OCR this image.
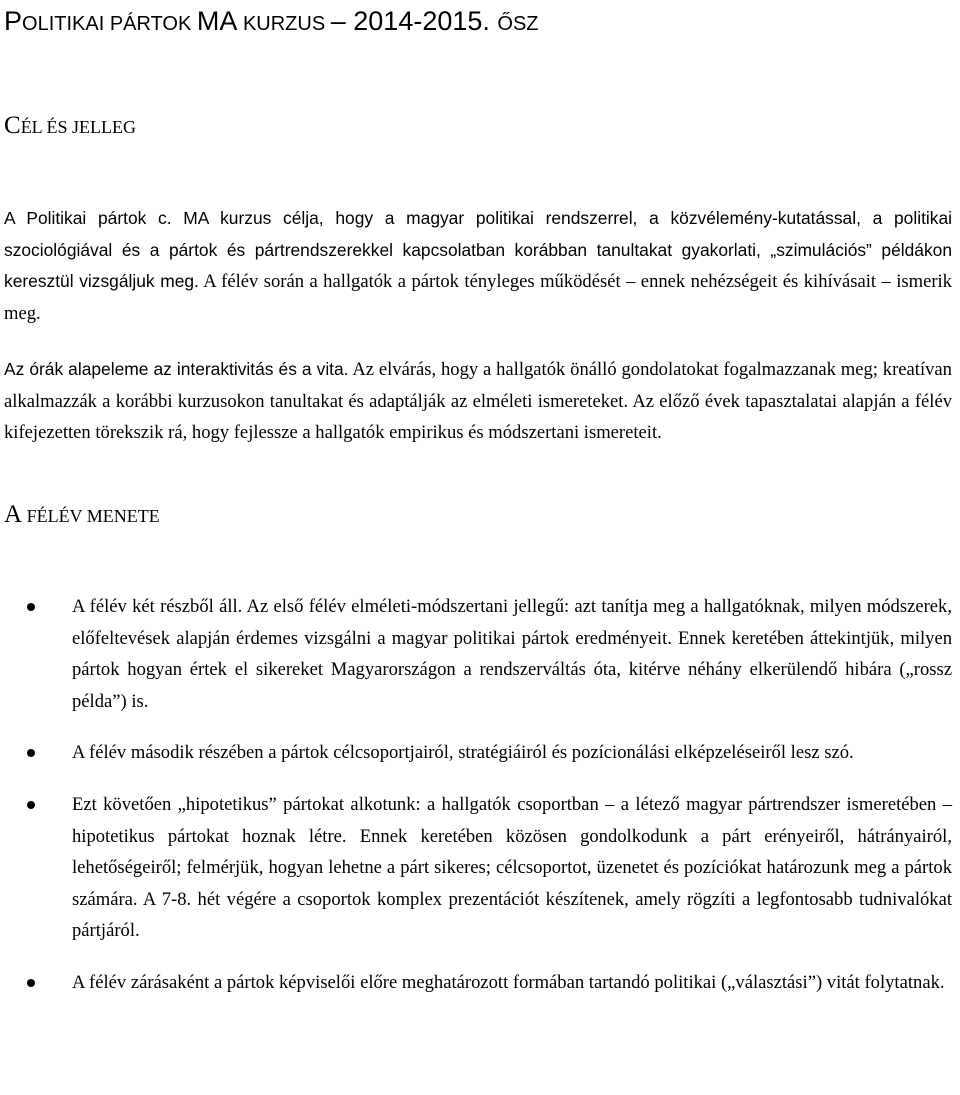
POLITIKAI PÁRTOK MA KURZUS – 2014-2015. ŐSZ
CÉL ÉS JELLEG

A Politikai pártok c. MA kurzus célja, hogy a magyar politikai rendszerrel, a közvélemény-kutatással, a politikai szociológiával és a pártok és pártrendszerekkel kapcsolatban korábban tanultakat gyakorlati, „szimulációs” példákon keresztül vizsgáljuk meg. A félév során a hallgatók a pártok tényleges működését – ennek nehézségeit és kihívásait – ismerik meg.

Az órák alapeleme az interaktivitás és a vita. Az elvárás, hogy a hallgatók önálló gondolatokat fogalmazzanak meg; kreatívan alkalmazzák a korábbi kurzusokon tanultakat és adaptálják az elméleti ismereteket. Az előző évek tapasztalatai alapján a félév kifejezetten törekszik rá, hogy fejlessze a hallgatók empirikus és módszertani ismereteit.

A FÉLÉV MENETE
A félév két részből áll. Az első félév elméleti-módszertani jellegű: azt tanítja meg a hallgatóknak, milyen módszerek, előfeltevések alapján érdemes vizsgálni a magyar politikai pártok eredményeit. Ennek keretében áttekintjük, milyen pártok hogyan értek el sikereket Magyarországon a rendszerváltás óta, kitérve néhány elkerülendő hibára („rossz példa”) is.
A félév második részében a pártok célcsoportjairól, stratégiáiról és pozícionálási elképzeléseiről lesz szó.
Ezt követően „hipotetikus” pártokat alkotunk: a hallgatók csoportban – a létező magyar pártrendszer ismeretében – hipotetikus pártokat hoznak létre. Ennek keretében közösen gondolkodunk a párt erényeiről, hátrányairól, lehetőségeiről; felmérjük, hogyan lehetne a párt sikeres; célcsoportot, üzenetet és pozíciókat határozunk meg a pártok számára. A 7-8. hét végére a csoportok komplex prezentációt készítenek, amely rögzíti a legfontosabb tudnivalókat pártjáról.
A félév zárásaként a pártok képviselői előre meghatározott formában tartandó politikai („választási”) vitát folytatnak.
